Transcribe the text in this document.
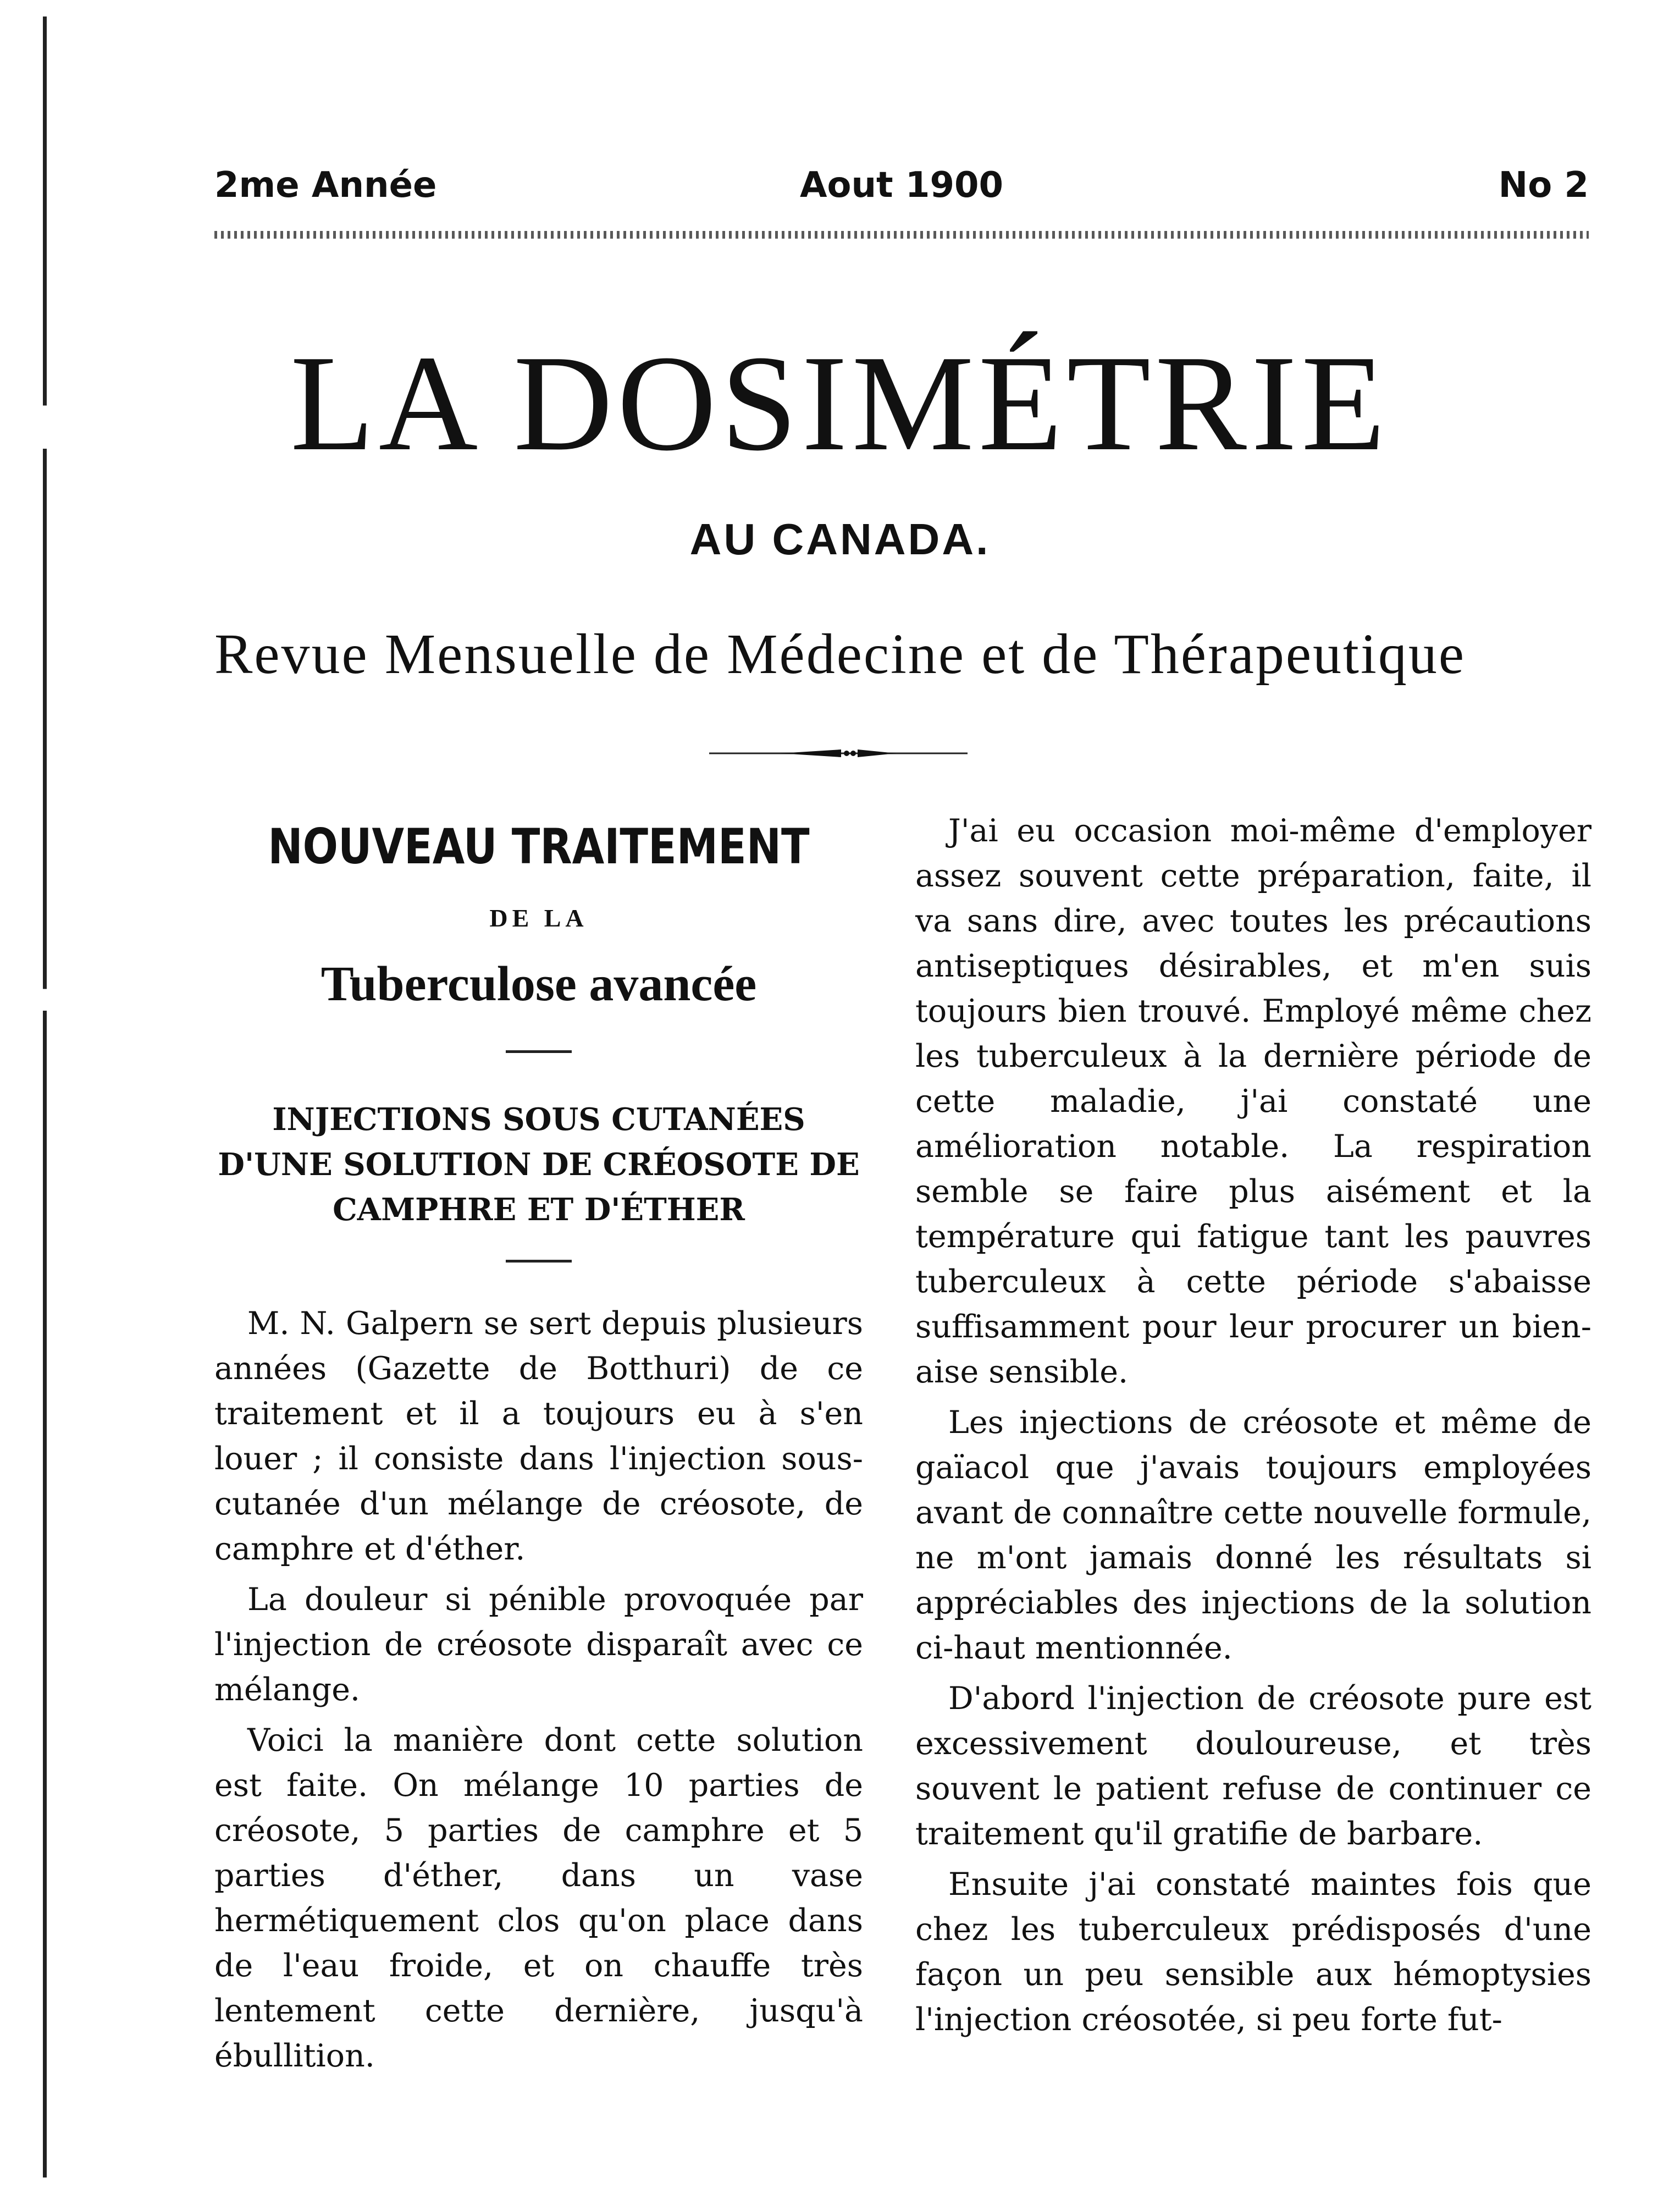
2me Année	Aout 1900	No 2
LA DOSIMÉTRIE
AU CANADA.
Revue Mensuelle de Médecine et de Thérapeutique
NOUVEAU TRAITEMENT
DE LA
Tuberculose avancée

INJECTIONS SOUS CUTANÉES D'UNE SOLUTION DE CRÉOSOTE DE CAMPHRE ET D'ÉTHER

M. N. Galpern se sert depuis plusieurs années (Gazette de Botthuri) de ce traitement et il a toujours eu à s'en louer ; il consiste dans l'injection sous-cutanée d'un mélange de créosote, de camphre et d'éther.

La douleur si pénible provoquée par l'injection de créosote disparaît avec ce mélange.

Voici la manière dont cette solution est faite. On mélange 10 parties de créosote, 5 parties de camphre et 5 parties d'éther, dans un vase hermétiquement clos qu'on place dans de l'eau froide, et on chauffe très lentement cette dernière, jusqu'à ébullition.

J'ai eu occasion moi-même d'employer assez souvent cette préparation, faite, il va sans dire, avec toutes les précautions antiseptiques désirables, et m'en suis toujours bien trouvé. Employé même chez les tuberculeux à la dernière période de cette maladie, j'ai constaté une amélioration notable. La respiration semble se faire plus aisément et la température qui fatigue tant les pauvres tuberculeux à cette période s'abaisse suffisamment pour leur procurer un bien-aise sensible.

Les injections de créosote et même de gaïacol que j'avais toujours employées avant de connaître cette nouvelle formule, ne m'ont jamais donné les résultats si appréciables des injections de la solution ci-haut mentionnée.

D'abord l'injection de créosote pure est excessivement douloureuse, et très souvent le patient refuse de continuer ce traitement qu'il gratifie de barbare.

Ensuite j'ai constaté maintes fois que chez les tuberculeux prédisposés d'une façon un peu sensible aux hémoptysies l'injection créosotée, si peu forte fut-
